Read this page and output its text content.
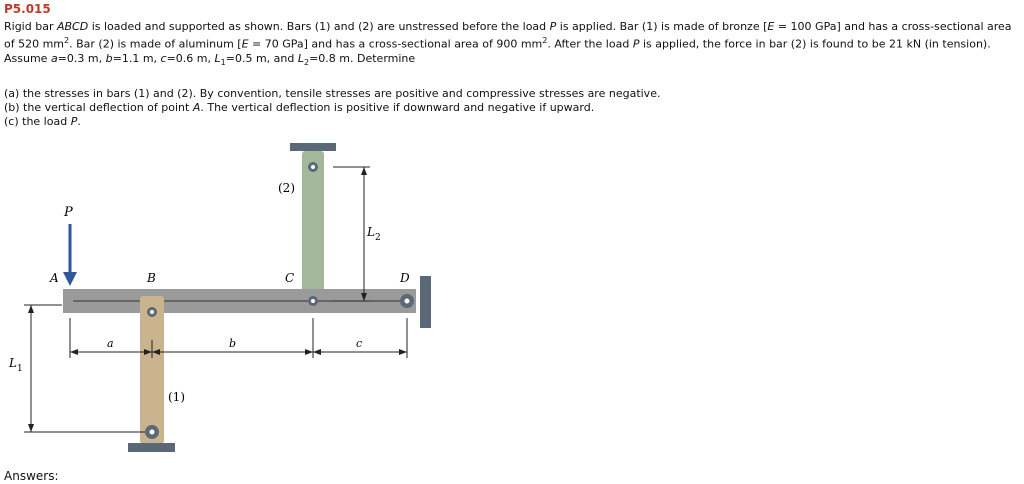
P5.015
Rigid bar ABCD is loaded and supported as shown. Bars (1) and (2) are unstressed before the load P is applied. Bar (1) is made of bronze [E = 100 GPa] and has a cross-sectional area of 520 $mm^2$. Bar (2) is made of aluminum [E = 70 GPa] and has a cross-sectional area of 900 $mm^2$. After the load P is applied, the force in bar (2) is found to be 21 kN (in tension). Assume a=0.3 m, b=1.1 m, c=0.6 m, $L_1=0.5$ m, and $L_2=0.8$ m. Determine
(a) the stresses in bars (1) and (2). By convention, tensile stresses are positive and compressive stresses are negative.
(b) the vertical deflection of point A. The vertical deflection is positive if downward and negative if upward.
(c) the load P.
P
A	B	C	D
(2)
(1)
a	b	c
$L_2$
$L_1$
Answers:
